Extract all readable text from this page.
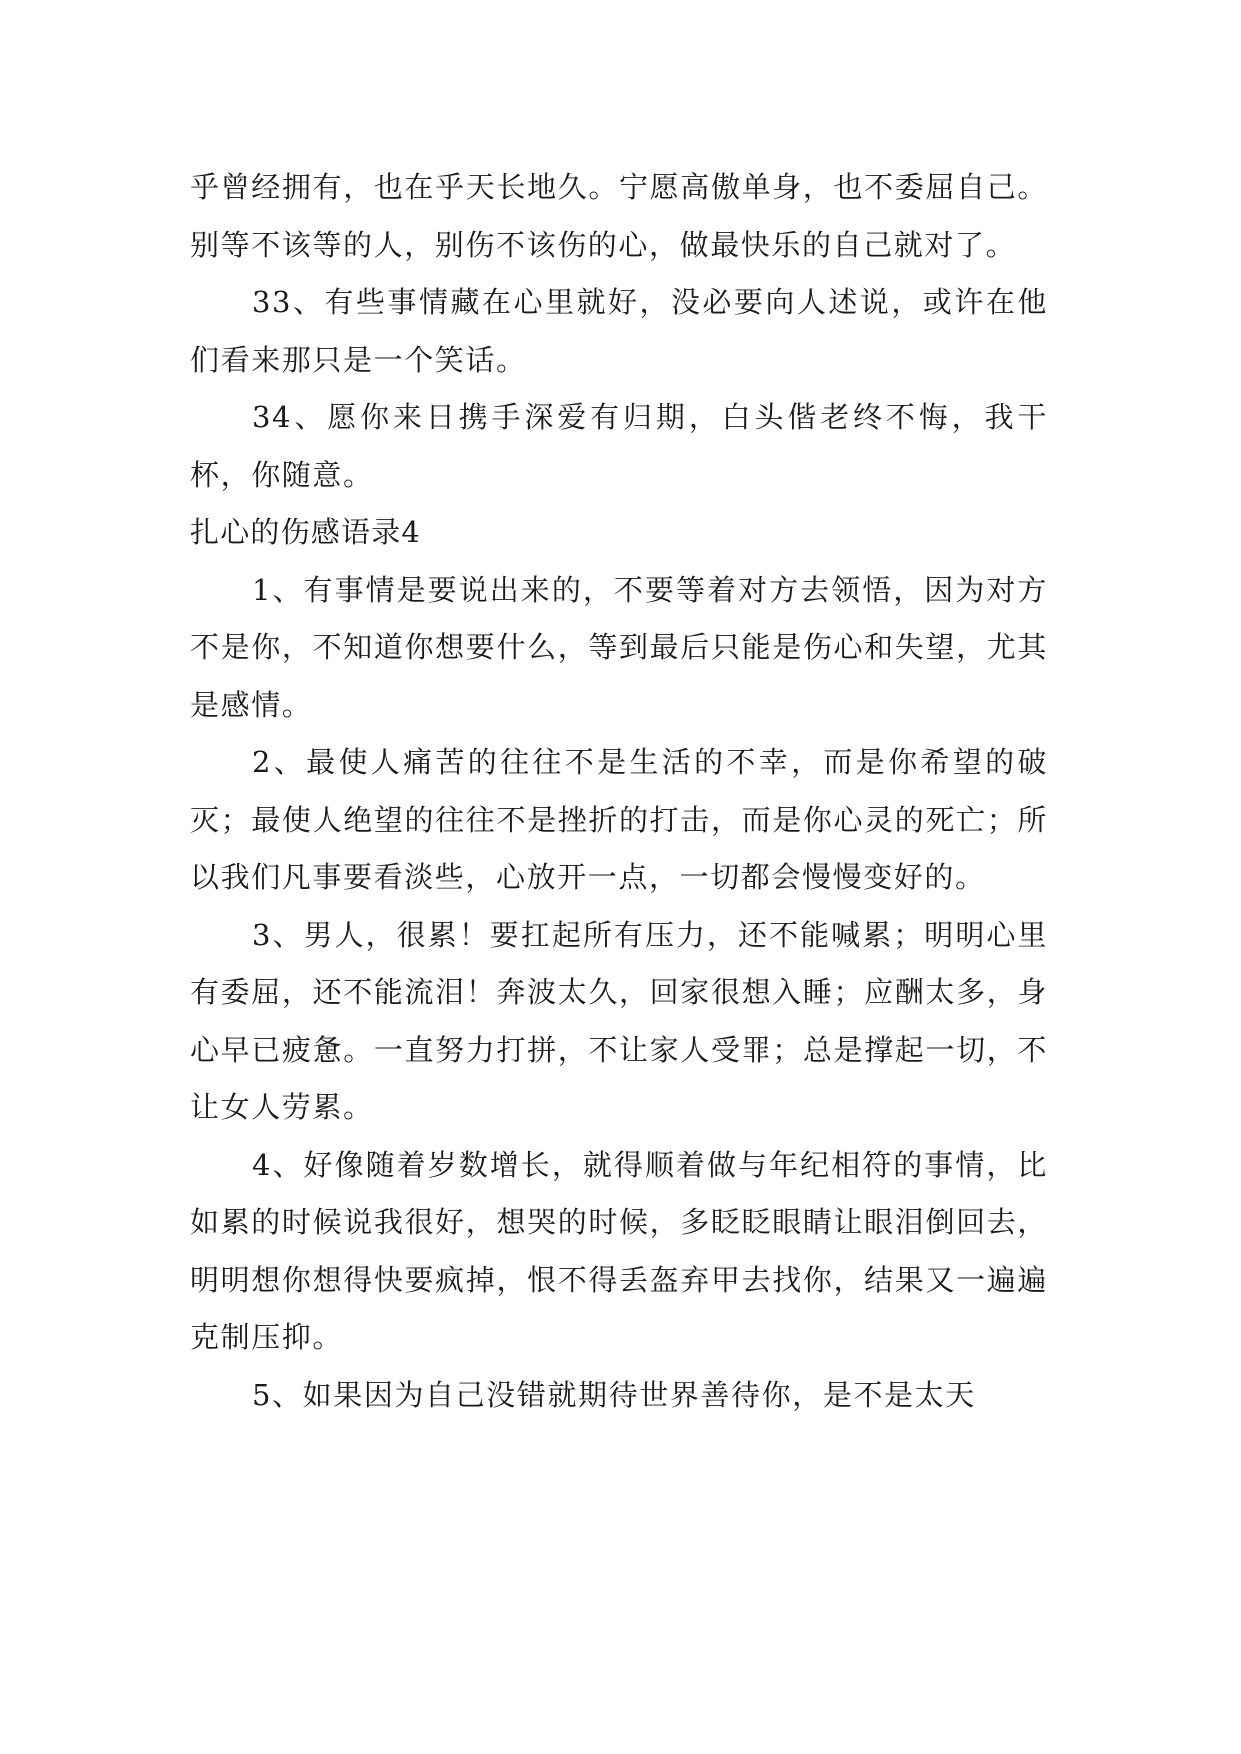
乎曾经拥有，也在乎天长地久。宁愿高傲单身，也不委屈自己。别等不该等的人，别伤不该伤的心，做最快乐的自己就对了。

33、有些事情藏在心里就好，没必要向人述说，或许在他们看来那只是一个笑话。

34、愿你来日携手深爱有归期，白头偕老终不悔，我干杯，你随意。

扎心的伤感语录4

1、有事情是要说出来的，不要等着对方去领悟，因为对方不是你，不知道你想要什么，等到最后只能是伤心和失望，尤其是感情。

2、最使人痛苦的往往不是生活的不幸，而是你希望的破灭；最使人绝望的往往不是挫折的打击，而是你心灵的死亡；所以我们凡事要看淡些，心放开一点，一切都会慢慢变好的。

3、男人，很累！要扛起所有压力，还不能喊累；明明心里有委屈，还不能流泪！奔波太久，回家很想入睡；应酬太多，身心早已疲惫。一直努力打拼，不让家人受罪；总是撑起一切，不让女人劳累。

4、好像随着岁数增长，就得顺着做与年纪相符的事情，比如累的时候说我很好，想哭的时候，多眨眨眼睛让眼泪倒回去，明明想你想得快要疯掉，恨不得丢盔弃甲去找你，结果又一遍遍克制压抑。

5、如果因为自己没错就期待世界善待你，是不是太天
